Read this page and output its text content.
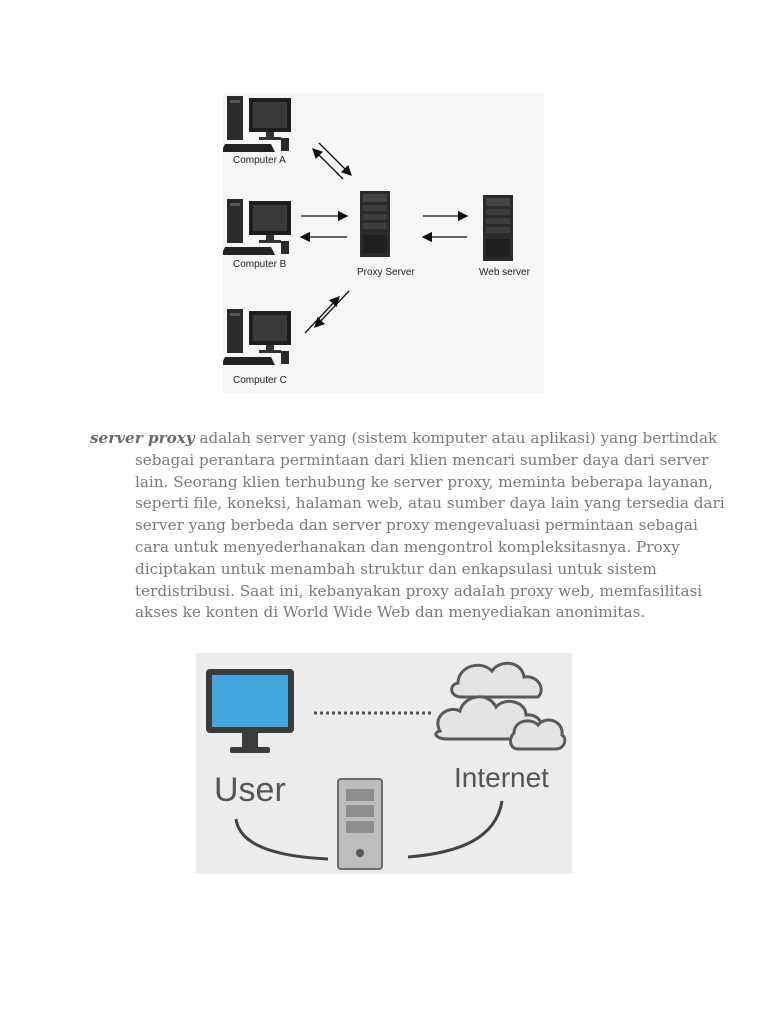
Computer A
Computer B
Computer C
Proxy Server	Web server

server proxy adalah server yang (sistem komputer atau aplikasi) yang bertindak sebagai perantara permintaan dari klien mencari sumber daya dari server lain. Seorang klien terhubung ke server proxy, meminta beberapa layanan, seperti file, koneksi, halaman web, atau sumber daya lain yang tersedia dari server yang berbeda dan server proxy mengevaluasi permintaan sebagai cara untuk menyederhanakan dan mengontrol kompleksitasnya. Proxy diciptakan untuk menambah struktur dan enkapsulasi untuk sistem terdistribusi. Saat ini, kebanyakan proxy adalah proxy web, memfasilitasi akses ke konten di World Wide Web dan menyediakan anonimitas.

User	Internet
